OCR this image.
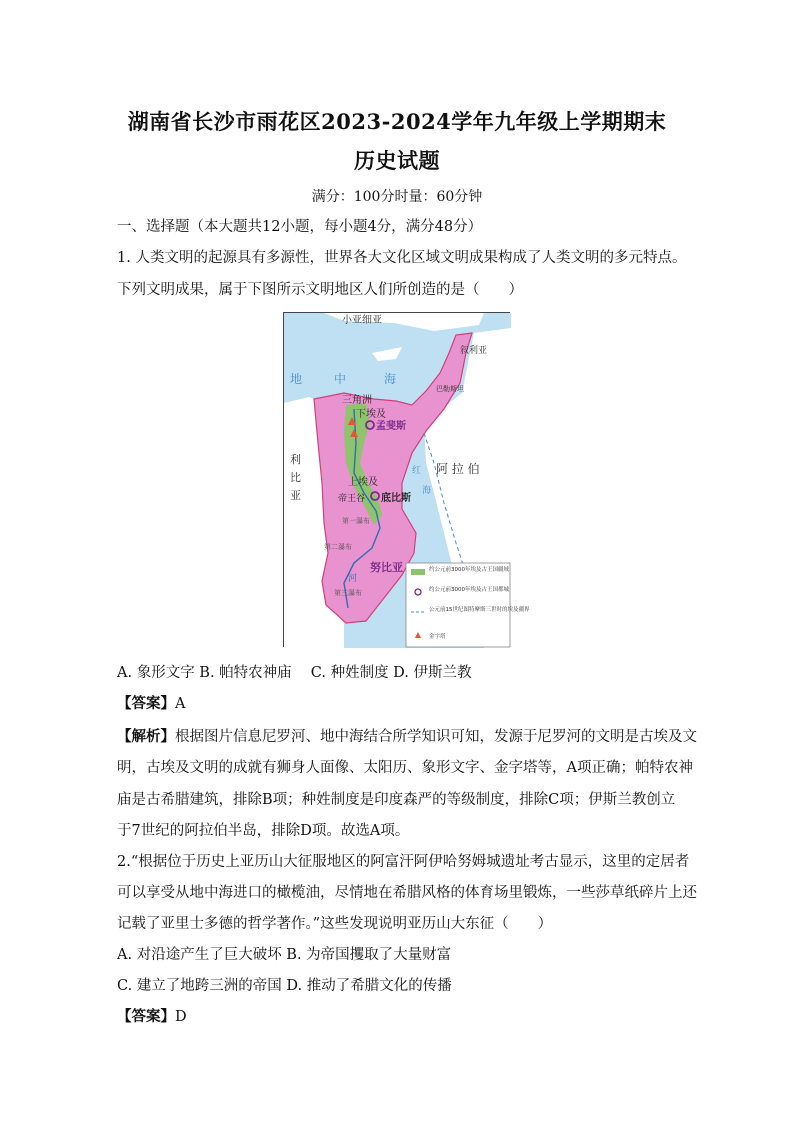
湖南省长沙市雨花区2023-2024学年九年级上学期期末
历史试题
满分：100分时量：60分钟
一、选择题（本大题共12小题，每小题4分，满分48分）
1. 人类文明的起源具有多源性，世界各大文化区域文明成果构成了人类文明的多元特点。
下列文明成果，属于下图所示文明地区人们所创造的是（　　）
小亚细亚
叙利亚
地	中	海
巴勒斯坦
三角洲
下埃及
孟斐斯
利
比
亚
阿 拉 伯
上埃及
帝王谷 底比斯
红
海
第一瀑布
第二瀑布
第三瀑布
努比亚
河
约公元前3000年埃及古王国疆域
约公元前3000年埃及古王国都城
公元前15世纪图特摩斯三世时的埃及疆界
金字塔
A. 象形文字 B. 帕特农神庙　 C. 种姓制度 D. 伊斯兰教
【答案】A
【解析】根据图片信息尼罗河、地中海结合所学知识可知，发源于尼罗河的文明是古埃及文
明，古埃及文明的成就有狮身人面像、太阳历、象形文字、金字塔等，A项正确；帕特农神
庙是古希腊建筑，排除B项；种姓制度是印度森严的等级制度，排除C项；伊斯兰教创立
于7世纪的阿拉伯半岛，排除D项。故选A项。
2.“根据位于历史上亚历山大征服地区的阿富汗阿伊哈努姆城遗址考古显示，这里的定居者
可以享受从地中海进口的橄榄油，尽情地在希腊风格的体育场里锻炼，一些莎草纸碎片上还
记载了亚里士多德的哲学著作。”这些发现说明亚历山大东征（　　）
A. 对沿途产生了巨大破坏 B. 为帝国攫取了大量财富
C. 建立了地跨三洲的帝国 D. 推动了希腊文化的传播
【答案】D
